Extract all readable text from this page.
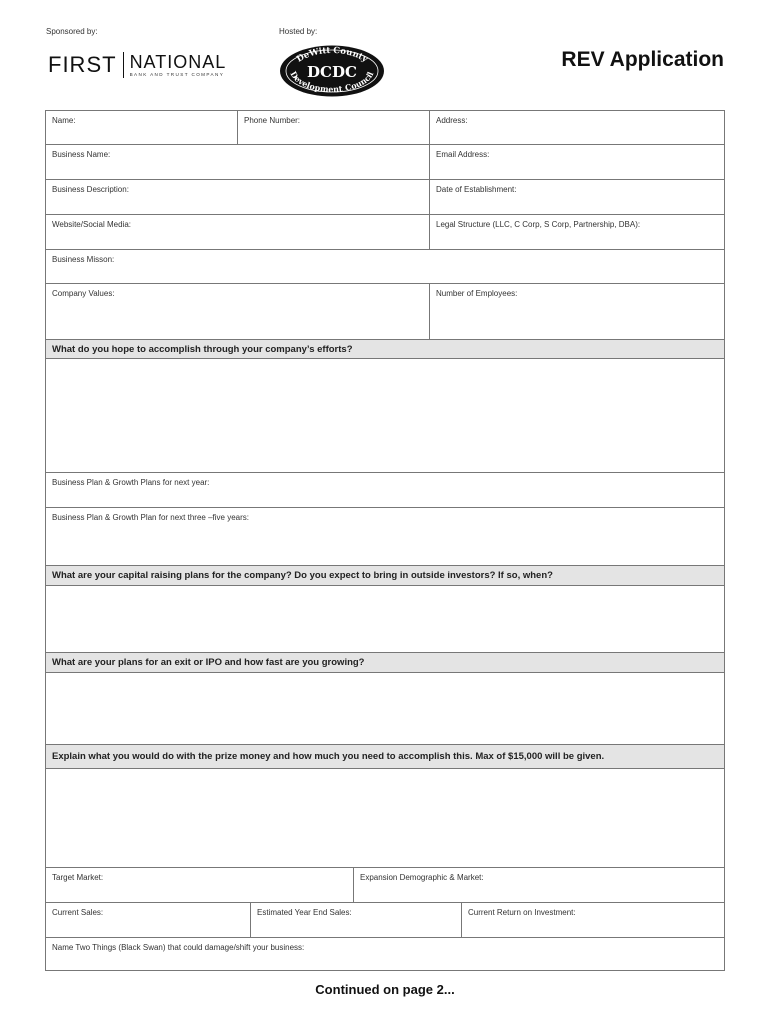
Sponsored by:	Hosted by:
FIRST NATIONAL
BANK AND TRUST COMPANY
DeWitt County
DCDC
Development Council
REV Application
Name:	Phone Number:	Address:
Business Name:	Email Address:
Business Description:	Date of Establishment:
Website/Social Media:	Legal Structure (LLC, C Corp, S Corp, Partnership, DBA):
Business Misson:
Company Values:	Number of Employees:
What do you hope to accomplish through your company’s efforts?
Business Plan & Growth Plans for next year:
Business Plan & Growth Plan for next three –five years:
What are your capital raising plans for the company? Do you expect to bring in outside investors? If so, when?
What are your plans for an exit or IPO and how fast are you growing?
Explain what you would do with the prize money and how much you need to accomplish this. Max of $15,000 will be given.
Target Market:	Expansion Demographic & Market:
Current Sales:	Estimated Year End Sales:	Current Return on Investment:
Name Two Things (Black Swan) that could damage/shift your business:
Continued on page 2...
